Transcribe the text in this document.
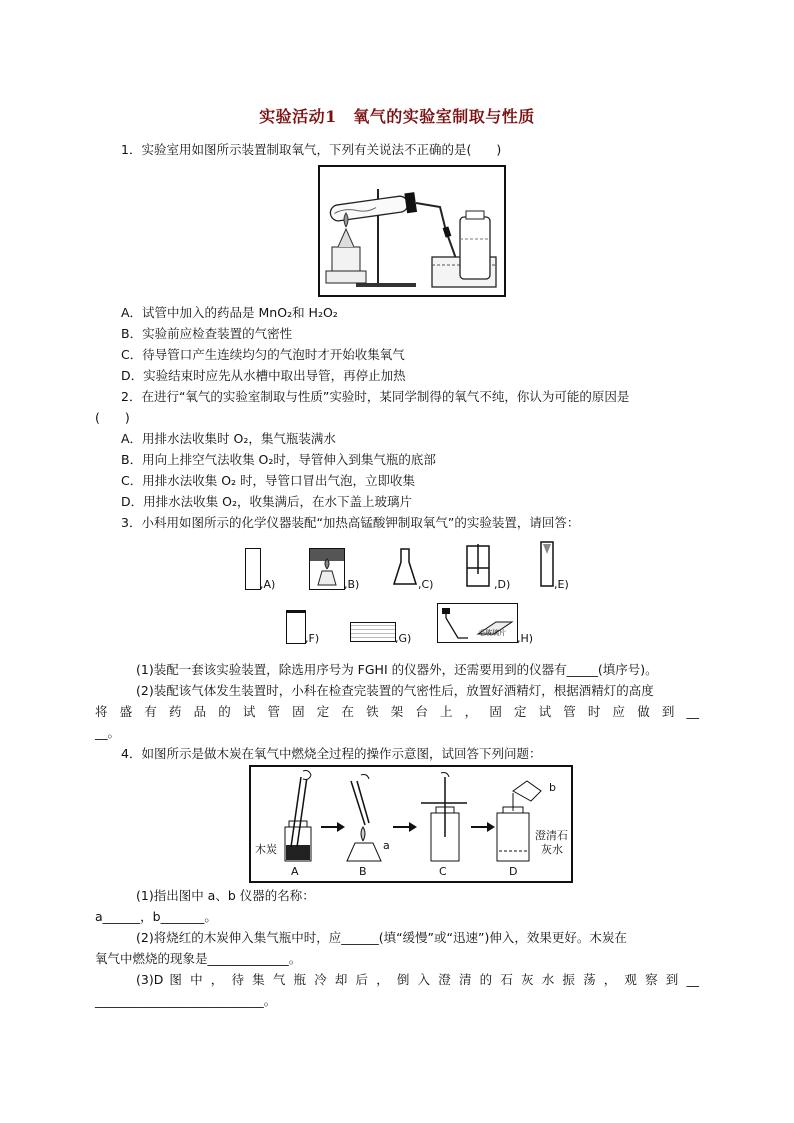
实验活动1　氧气的实验室制取与性质
1．实验室用如图所示装置制取氧气，下列有关说法不正确的是(　　)
A．试管中加入的药品是 MnO₂和 H₂O₂
B．实验前应检查装置的气密性
C．待导管口产生连续均匀的气泡时才开始收集氧气
D．实验结束时应先从水槽中取出导管，再停止加热
2．在进行“氧气的实验室制取与性质”实验时，某同学制得的氧气不纯，你认为可能的原因是
(　　)
A．用排水法收集时 O₂，集气瓶装满水
B．用向上排空气法收集 O₂时，导管伸入到集气瓶的底部
C．用排水法收集 O₂ 时，导管口冒出气泡，立即收集
D．用排水法收集 O₂，收集满后，在水下盖上玻璃片
3．小科用如图所示的化学仪器装配“加热高锰酸钾制取氧气”的实验装置，请回答：
,A)	,B)	,C)	,D)	,E)
,F)	,G)	毛玻璃片 ,H)
(1)装配一套该实验装置，除选用序号为 FGHI 的仪器外，还需要用到的仪器有_____(填序号)。
(2)装配该气体发生装置时，小科在检查完装置的气密性后，放置好酒精灯，根据酒精灯的高度
将 盛 有 药 品 的 试 管 固 定 在 铁 架 台 上 ， 固 定 试 管 时 应 做 到 __
__。
4．如图所示是做木炭在氧气中燃烧全过程的操作示意图，试回答下列问题：
木炭	a
b
澄清石
灰水
A	B	C	D
(1)指出图中 a、b 仪器的名称：
a______，b_______。
(2)将烧红的木炭伸入集气瓶中时，应______(填“缓慢”或“迅速”)伸入，效果更好。木炭在
氧气中燃烧的现象是_____________。
(3)D 图 中 ， 待 集 气 瓶 冷 却 后 ， 倒 入 澄 清 的 石 灰 水 振 荡 ， 观 察 到 __
___________________________。
